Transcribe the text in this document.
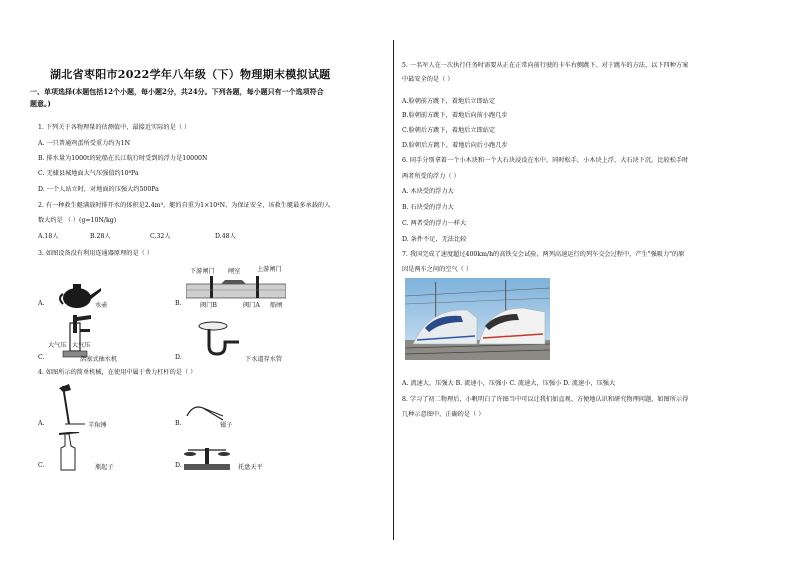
湖北省枣阳市2022学年八年级（下）物理期末模拟试题
一、单项选择(本题包括12个小题，每小题2分，共24分。下列各题，每小题只有一个选项符合
题意。)
1. 下列关于各物理量的估测值中，最接近实际的是（ ）
A. 一只普通鸡蛋所受重力约为1N
B. 排水量为1000t的轮船在长江航行时受到的浮力是10000N
C. 无棣县城地面大气压强值约10⁸Pa
D. 一个人站立时，对地面的压强大约500Pa
2. 有一种救生艇满载时排开水的体积是2.4m³，艇的自重为1×10⁴N，为保证安全，该救生艇最多承载的人
数大约是 （ ）(g=10N/kg)
A.18人	B.28人	C.32人	D.48人
3. 如图设备没有利用连通器原理的是（ ）
A.	水壶	B.
下游闸门 闸室	上游闸门
阀门B	阀门A 船闸
C.
大气压 大气压
活塞式抽水机	D.	下水道存水管
4. 如图所示的简单机械，在使用中属于费力杠杆的是（ ）
A.	羊角锤	B.	镊子
C.	瓶起子	D.	托盘天平
5. 一名军人在一次执行任务时需要从正在正常向前行驶的卡车右侧跳下。对于跳车的方法，以下四种方案
中最安全的是（ ）
A.脸朝前方跳下，着地后立即站定
B.脸朝前方跳下，着地后向前小跑几步
C.脸朝后方跳下，着地后立即站定
D.脸朝后方跳下，着地后向后小跑几步
6. 同手分别拿着一个小木块和一个大石块浸没在水中，同时松手，小木块上浮，大石块下沉。比较松手时
两者所受的浮力（ ）
A. 木块受的浮力大
B. 石块受的浮力大
C. 两者受的浮力一样大
D. 条件不足，无法比较
7. 我国完成了速度超过400km/h的高铁交会试验，两列高速运行的列车交会过程中，产生"强吸力"的原
因是两车之间的空气（ ）
A. 流速大，压强大 B. 流速小，压强小 C. 流速大，压强小 D. 流速小，压强大
8. 学习了初二物理后，小帆明白了许图当中可以让我们如直观、方便地认识和研究物理问题，如图所示得
几种示意图中，正确的是（ ）
